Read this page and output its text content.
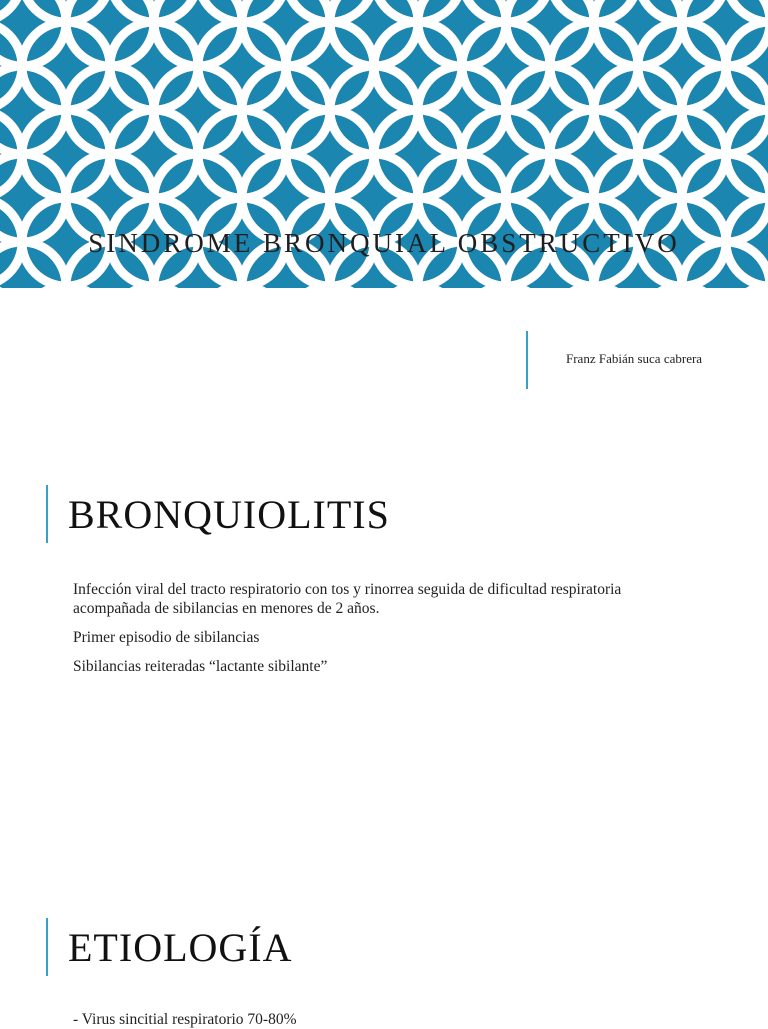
SINDROME BRONQUIAL OBSTRUCTIVO
Franz Fabián suca cabrera
BRONQUIOLITIS
Infección viral del tracto respiratorio con tos y rinorrea seguida de dificultad respiratoria acompañada de sibilancias en menores de 2 años.
Primer episodio de sibilancias
Sibilancias reiteradas “lactante sibilante”
ETIOLOGÍA
- Virus sincitial respiratorio 70-80%
